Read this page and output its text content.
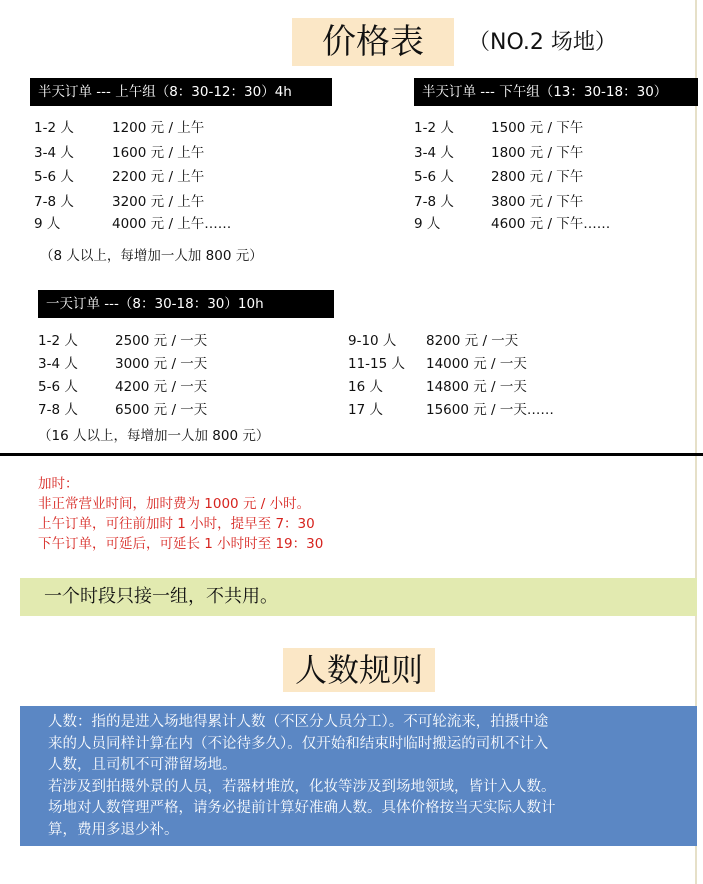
价格表	（NO.2 场地）
半天订单 --- 上午组（8：30-12：30）4h
1-2 人	1200 元 / 上午
3-4 人	1600 元 / 上午
5-6 人	2200 元 / 上午
7-8 人	3200 元 / 上午
9 人	4000 元 / 上午……
（8 人以上，每增加一人加 800 元）
半天订单 --- 下午组（13：30-18：30）
1-2 人	1500 元 / 下午
3-4 人	1800 元 / 下午
5-6 人	2800 元 / 下午
7-8 人	3800 元 / 下午
9 人	4600 元 / 下午……
一天订单 ---（8：30-18：30）10h
1-2 人	2500 元 / 一天
3-4 人	3000 元 / 一天
5-6 人	4200 元 / 一天
7-8 人	6500 元 / 一天
9-10 人 8200 元 / 一天
11-15 人 14000 元 / 一天
16 人	14800 元 / 一天
17 人	15600 元 / 一天……
（16 人以上，每增加一人加 800 元）
加时：
非正常营业时间，加时费为 1000 元 / 小时。
上午订单，可往前加时 1 小时，提早至 7：30
下午订单，可延后，可延长 1 小时时至 19：30
一个时段只接一组，不共用。
人数规则
人数：指的是进入场地得累计人数（不区分人员分工）。不可轮流来，拍摄中途
来的人员同样计算在内（不论待多久）。仅开始和结束时临时搬运的司机不计入
人数，且司机不可滞留场地。
若涉及到拍摄外景的人员，若器材堆放，化妆等涉及到场地领域，皆计入人数。
场地对人数管理严格，请务必提前计算好准确人数。具体价格按当天实际人数计
算，费用多退少补。
